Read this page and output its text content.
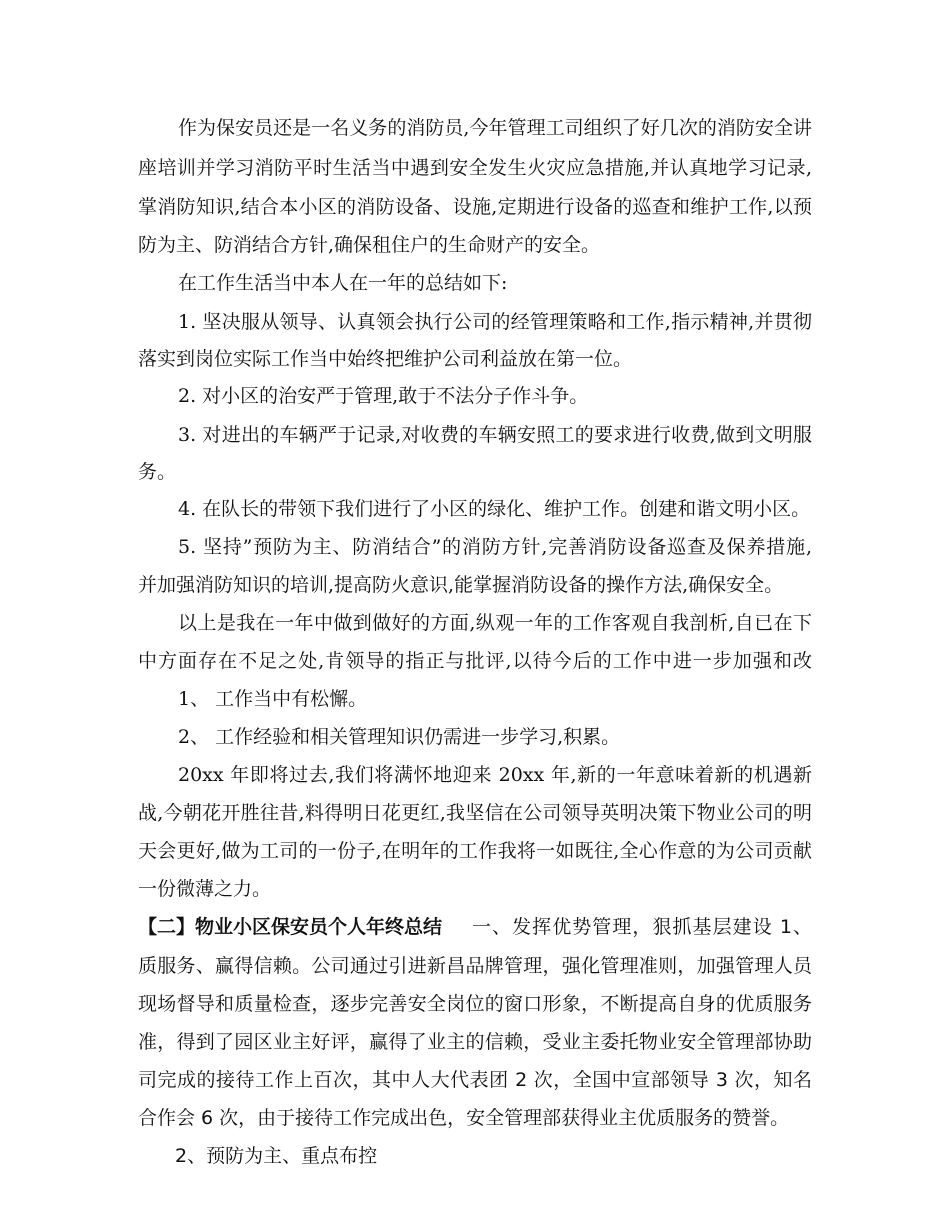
作为保安员还是一名义务的消防员,今年管理工司组织了好几次的消防安全讲
座培训并学习消防平时生活当中遇到安全发生火灾应急措施,并认真地学习记录,
掌消防知识,结合本小区的消防设备、设施,定期进行设备的巡查和维护工作,以预
防为主、防消结合方针,确保租住户的生命财产的安全。
在工作生活当中本人在一年的总结如下:
1. 坚决服从领导、认真领会执行公司的经管理策略和工作,指示精神,并贯彻
落实到岗位实际工作当中始终把维护公司利益放在第一位。
2. 对小区的治安严于管理,敢于不法分子作斗争。
3. 对进出的车辆严于记录,对收费的车辆安照工的要求进行收费,做到文明服
务。
4. 在队长的带领下我们进行了小区的绿化、维护工作。创建和谐文明小区。
5. 坚持”预防为主、防消结合”的消防方针,完善消防设备巡查及保养措施,
并加强消防知识的培训,提高防火意识,能掌握消防设备的操作方法,确保安全。
以上是我在一年中做到做好的方面,纵观一年的工作客观自我剖析,自已在下
中方面存在不足之处,肯领导的指正与批评,以待今后的工作中进一步加强和改
1、 工作当中有松懈。
2、 工作经验和相关管理知识仍需进一步学习,积累。
20xx 年即将过去,我们将满怀地迎来 20xx 年,新的一年意味着新的机遇新
战,今朝花开胜往昔,料得明日花更红,我坚信在公司领导英明决策下物业公司的明
天会更好,做为工司的一份子,在明年的工作我将一如既往,全心作意的为公司贡献
一份微薄之力。
【二】物业小区保安员个人年终总结	一、发挥优势管理，狠抓基层建设 1、
质服务、赢得信赖。公司通过引进新昌品牌管理，强化管理准则，加强管理人员
现场督导和质量检查，逐步完善安全岗位的窗口形象，不断提高自身的优质服务
准，得到了园区业主好评，赢得了业主的信赖，受业主委托物业安全管理部协助
司完成的接待工作上百次，其中人大代表团 2 次，全国中宣部领导 3 次，知名
合作会 6 次，由于接待工作完成出色，安全管理部获得业主优质服务的赞誉。
2、预防为主、重点布控
